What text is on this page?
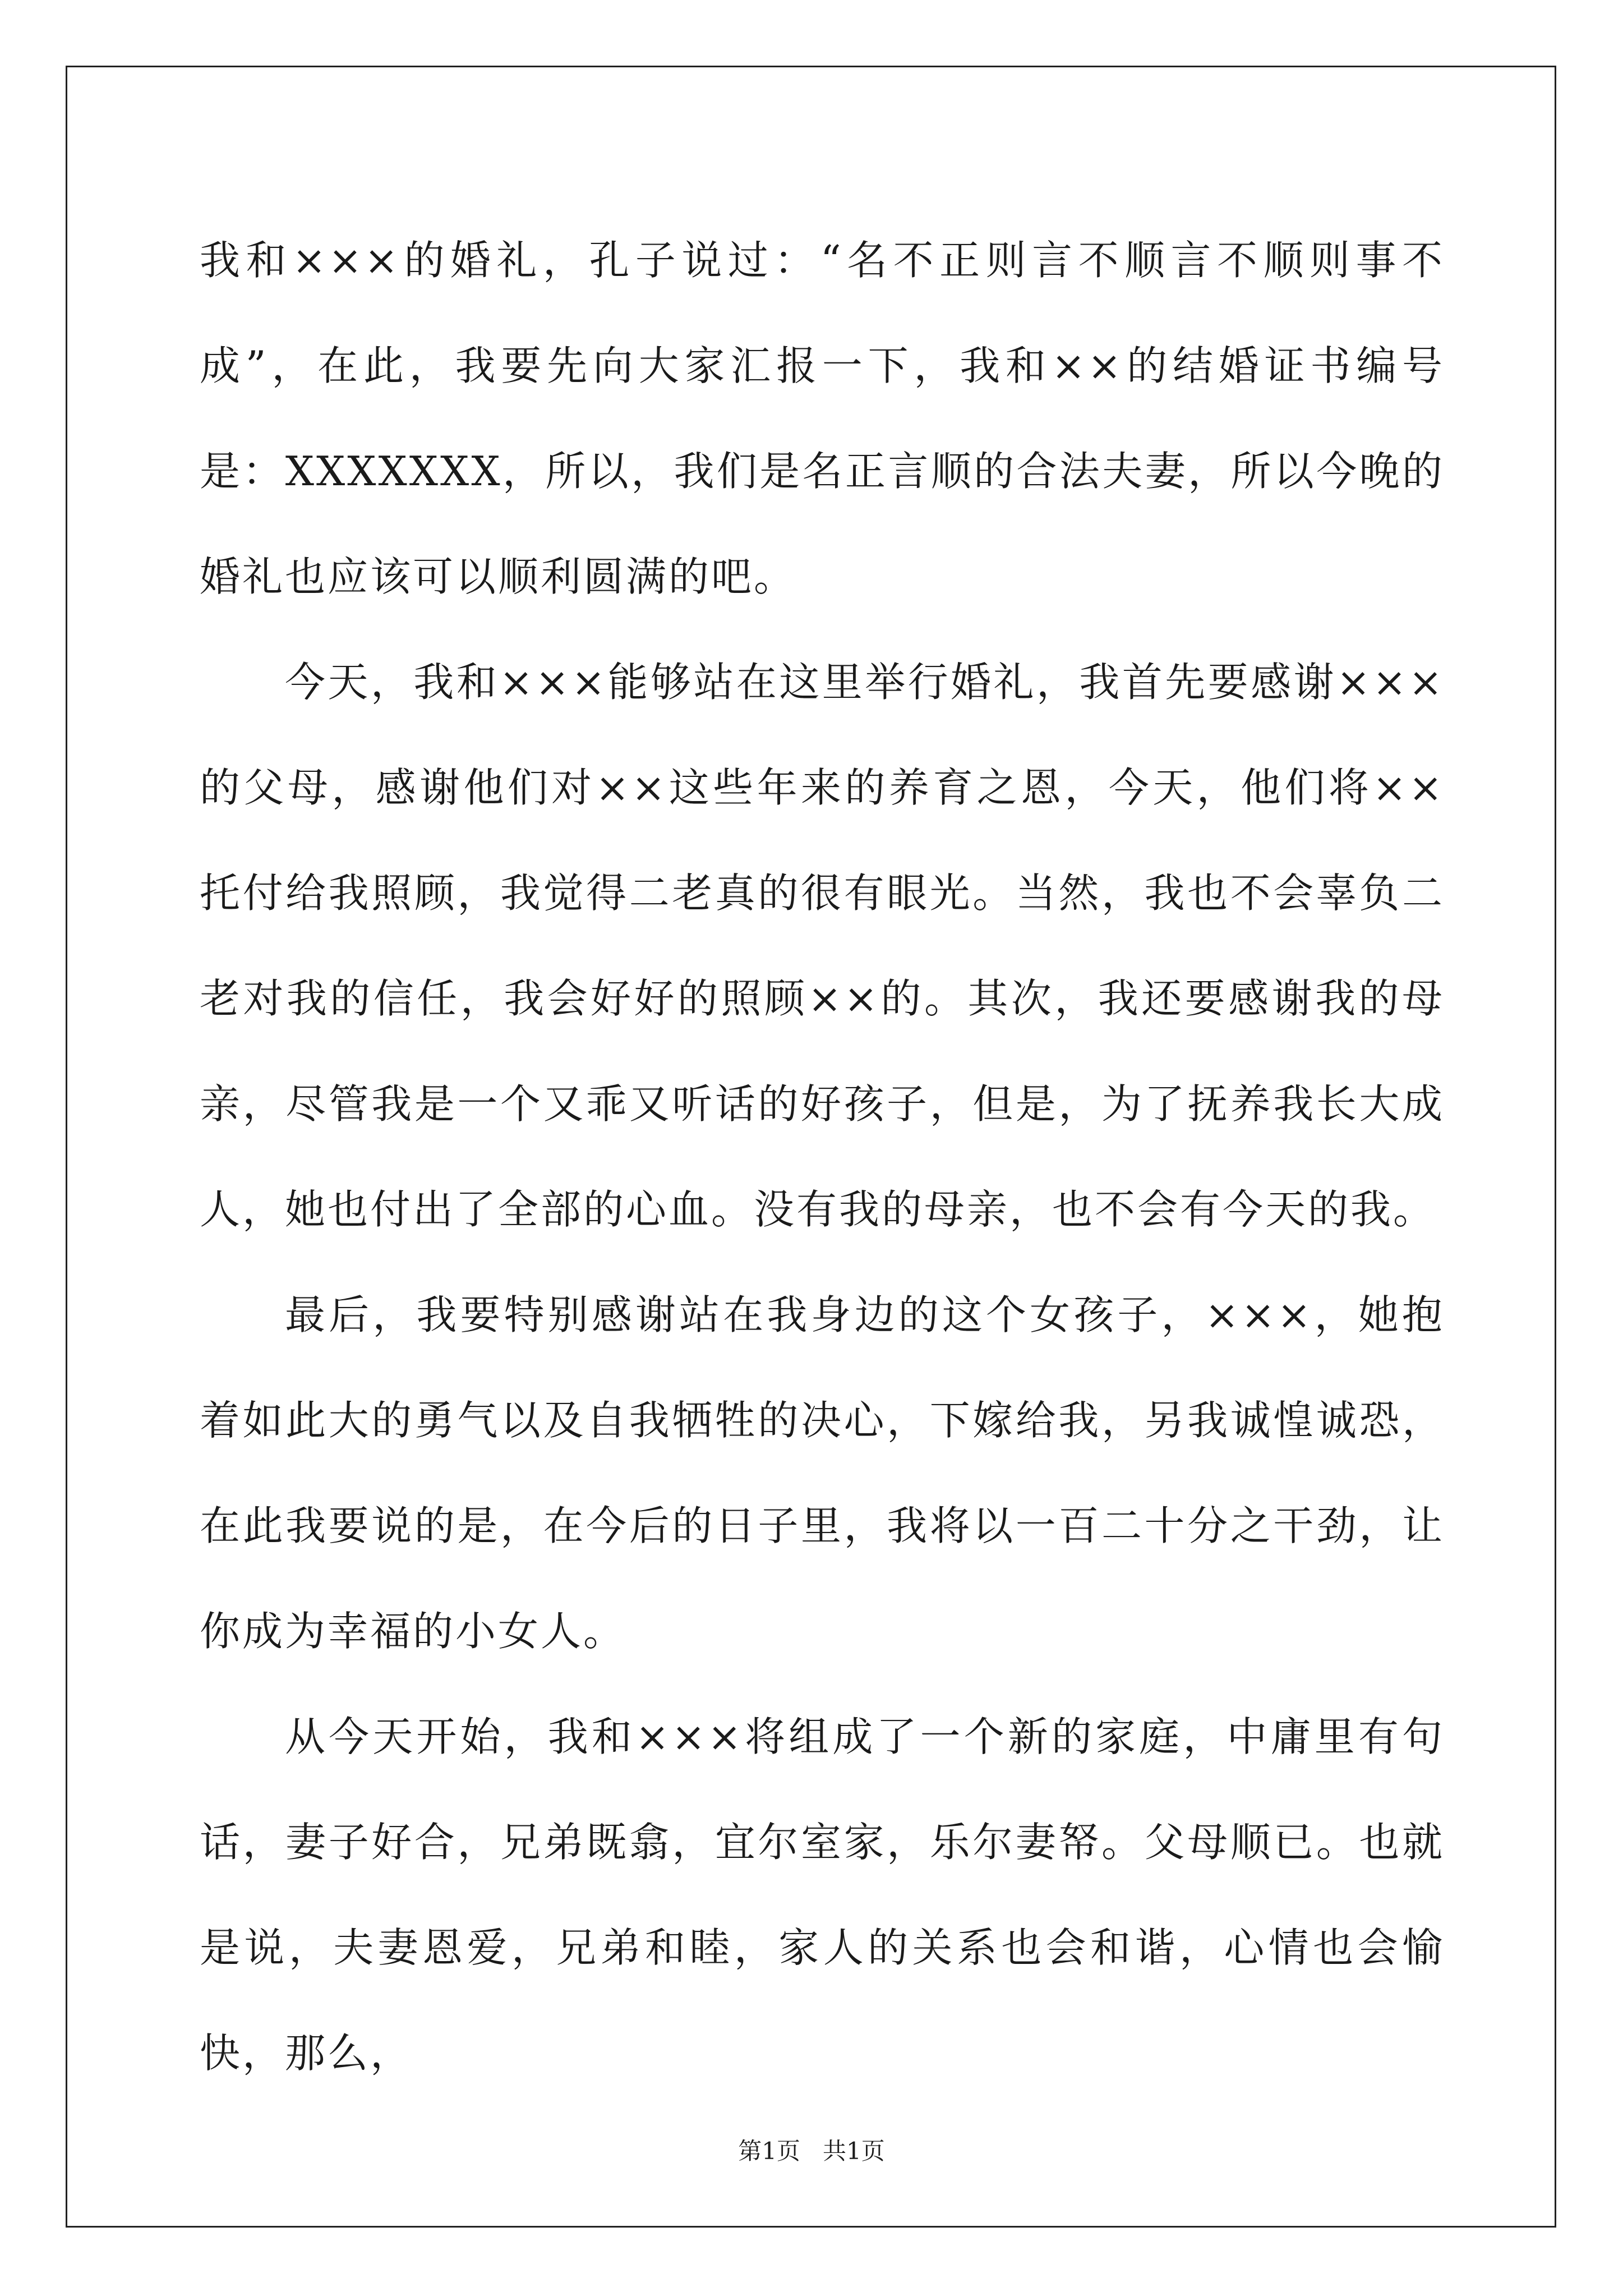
我和×××的婚礼，孔子说过：“名不正则言不顺言不顺则事不成”，在此，我要先向大家汇报一下，我和××的结婚证书编号是：XXXXXXX，所以，我们是名正言顺的合法夫妻，所以今晚的婚礼也应该可以顺利圆满的吧。

今天，我和×××能够站在这里举行婚礼，我首先要感谢×××的父母，感谢他们对××这些年来的养育之恩，今天，他们将××托付给我照顾，我觉得二老真的很有眼光。当然，我也不会辜负二老对我的信任，我会好好的照顾××的。其次，我还要感谢我的母亲，尽管我是一个又乖又听话的好孩子，但是，为了抚养我长大成人，她也付出了全部的心血。没有我的母亲，也不会有今天的我。

最后，我要特别感谢站在我身边的这个女孩子，×××，她抱着如此大的勇气以及自我牺牲的决心，下嫁给我，另我诚惶诚恐，在此我要说的是，在今后的日子里，我将以一百二十分之干劲，让你成为幸福的小女人。

从今天开始，我和×××将组成了一个新的家庭，中庸里有句话，妻子好合，兄弟既翕，宜尔室家，乐尔妻帑。父母顺已。也就是说，夫妻恩爱，兄弟和睦，家人的关系也会和谐，心情也会愉快，那么，

第1页 共1页
